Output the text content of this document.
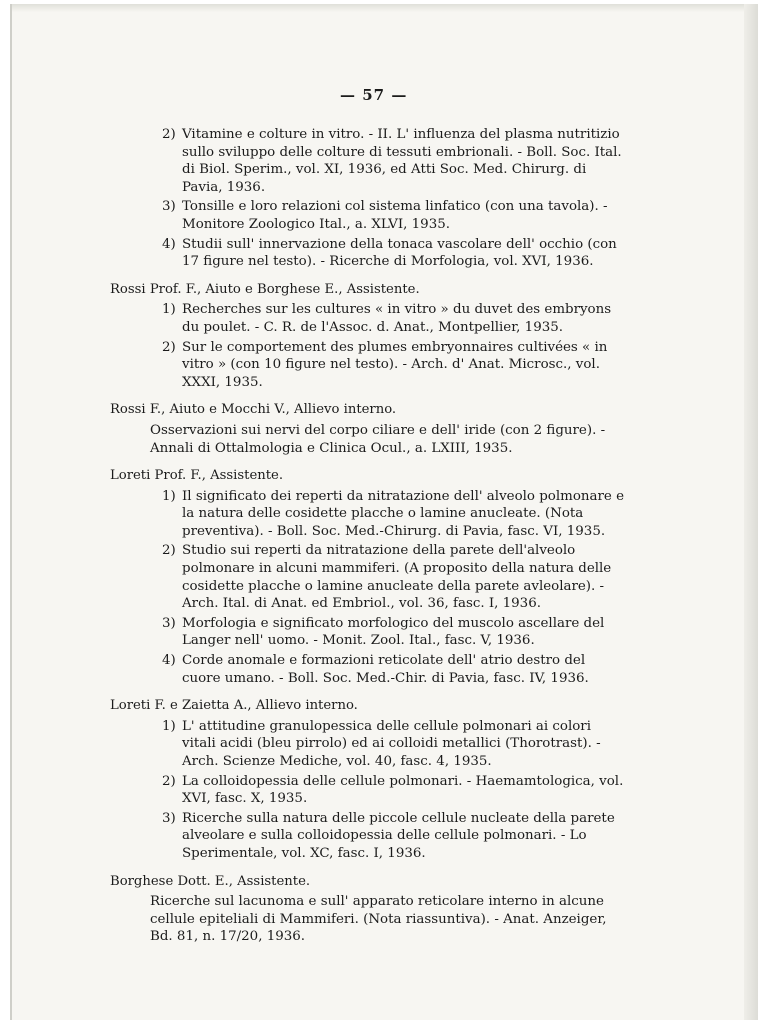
— 57 —
2) Vitamine e colture in vitro. - II. L' influenza del plasma nutritizio sullo sviluppo delle colture di tessuti embrionali. - Boll. Soc. Ital. di Biol. Sperim., vol. XI, 1936, ed Atti Soc. Med. Chirurg. di Pavia, 1936.
3) Tonsille e loro relazioni col sistema linfatico (con una tavola). - Monitore Zoologico Ital., a. XLVI, 1935.
4) Studii sull' innervazione della tonaca vascolare dell' occhio (con 17 figure nel testo). - Ricerche di Morfologia, vol. XVI, 1936.
Rossi Prof. F., Aiuto e Borghese E., Assistente.
1) Recherches sur les cultures « in vitro » du duvet des embryons du poulet. - C. R. de l'Assoc. d. Anat., Montpellier, 1935.
2) Sur le comportement des plumes embryonnaires cultivées « in vitro » (con 10 figure nel testo). - Arch. d' Anat. Microsc., vol. XXXI, 1935.
Rossi F., Aiuto e Mocchi V., Allievo interno.
Osservazioni sui nervi del corpo ciliare e dell' iride (con 2 figure). - Annali di Ottalmologia e Clinica Ocul., a. LXIII, 1935.
Loreti Prof. F., Assistente.
1) Il significato dei reperti da nitratazione dell' alveolo polmonare e la natura delle cosidette placche o lamine anucleate. (Nota preventiva). - Boll. Soc. Med.-Chirurg. di Pavia, fasc. VI, 1935.
2) Studio sui reperti da nitratazione della parete dell'alveolo polmonare in alcuni mammiferi. (A proposito della natura delle cosidette placche o lamine anucleate della parete avleolare). - Arch. Ital. di Anat. ed Embriol., vol. 36, fasc. I, 1936.
3) Morfologia e significato morfologico del muscolo ascellare del Langer nell' uomo. - Monit. Zool. Ital., fasc. V, 1936.
4) Corde anomale e formazioni reticolate dell' atrio destro del cuore umano. - Boll. Soc. Med.-Chir. di Pavia, fasc. IV, 1936.
Loreti F. e Zaietta A., Allievo interno.
1) L' attitudine granulopessica delle cellule polmonari ai colori vitali acidi (bleu pirrolo) ed ai colloidi metallici (Thorotrast). - Arch. Scienze Mediche, vol. 40, fasc. 4, 1935.
2) La colloidopessia delle cellule polmonari. - Haemamtologica, vol. XVI, fasc. X, 1935.
3) Ricerche sulla natura delle piccole cellule nucleate della parete alveolare e sulla colloidopessia delle cellule polmonari. - Lo Sperimentale, vol. XC, fasc. I, 1936.
Borghese Dott. E., Assistente.
Ricerche sul lacunoma e sull' apparato reticolare interno in alcune cellule epiteliali di Mammiferi. (Nota riassuntiva). - Anat. Anzeiger, Bd. 81, n. 17/20, 1936.
